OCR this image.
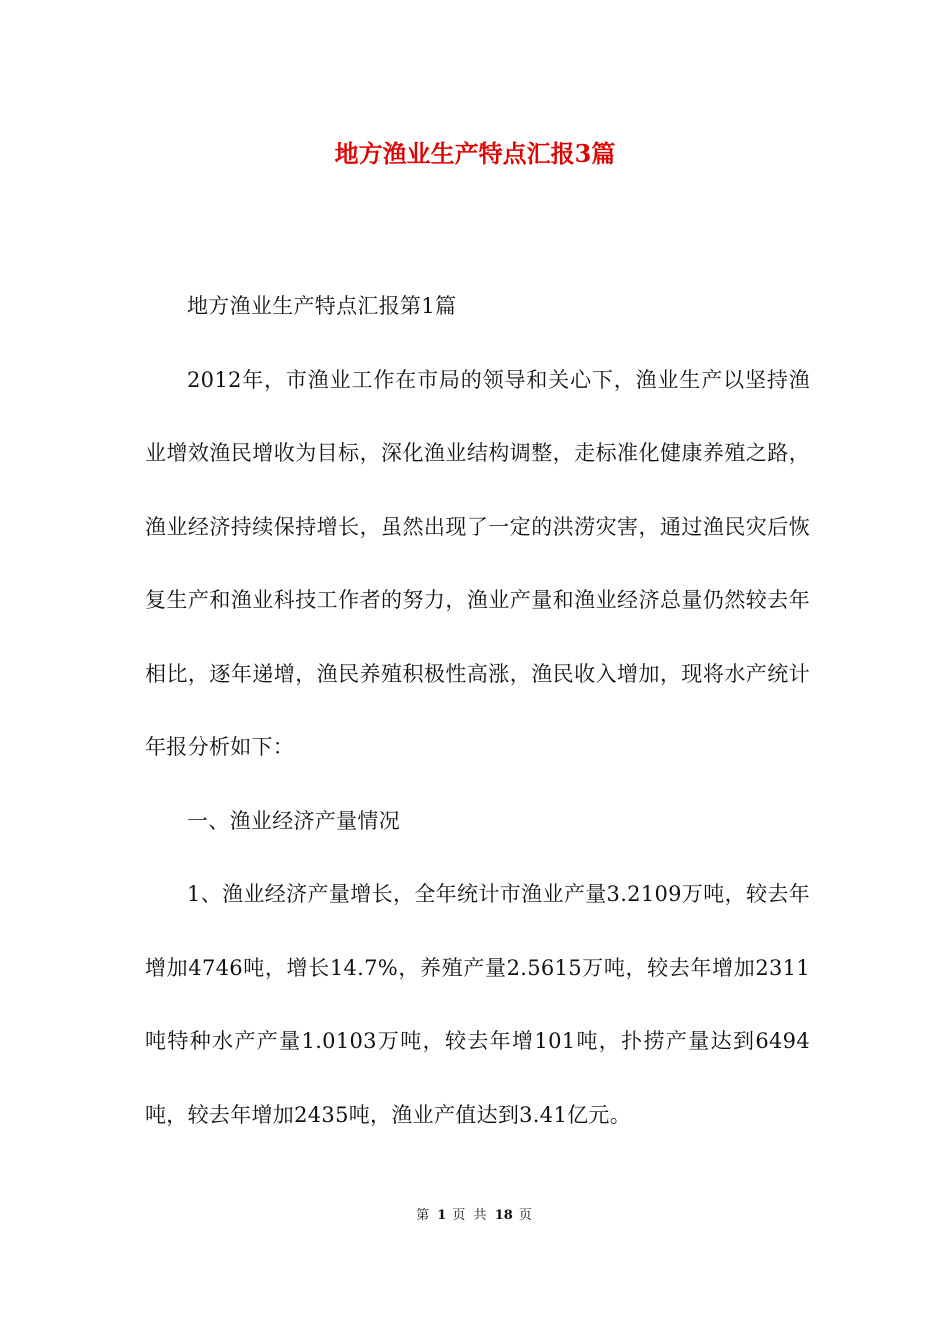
地方渔业生产特点汇报3篇

地方渔业生产特点汇报第1篇

2012年，市渔业工作在市局的领导和关心下，渔业生产以坚持渔业增效渔民增收为目标，深化渔业结构调整，走标准化健康养殖之路，渔业经济持续保持增长，虽然出现了一定的洪涝灾害，通过渔民灾后恢复生产和渔业科技工作者的努力，渔业产量和渔业经济总量仍然较去年相比，逐年递增，渔民养殖积极性高涨，渔民收入增加，现将水产统计年报分析如下：

一、渔业经济产量情况

1、渔业经济产量增长，全年统计市渔业产量3.2109万吨，较去年增加4746吨，增长14.7%，养殖产量2.5615万吨，较去年增加2311吨特种水产产量1.0103万吨，较去年增101吨，扑捞产量达到6494吨，较去年增加2435吨，渔业产值达到3.41亿元。

第 1 页 共 18 页
